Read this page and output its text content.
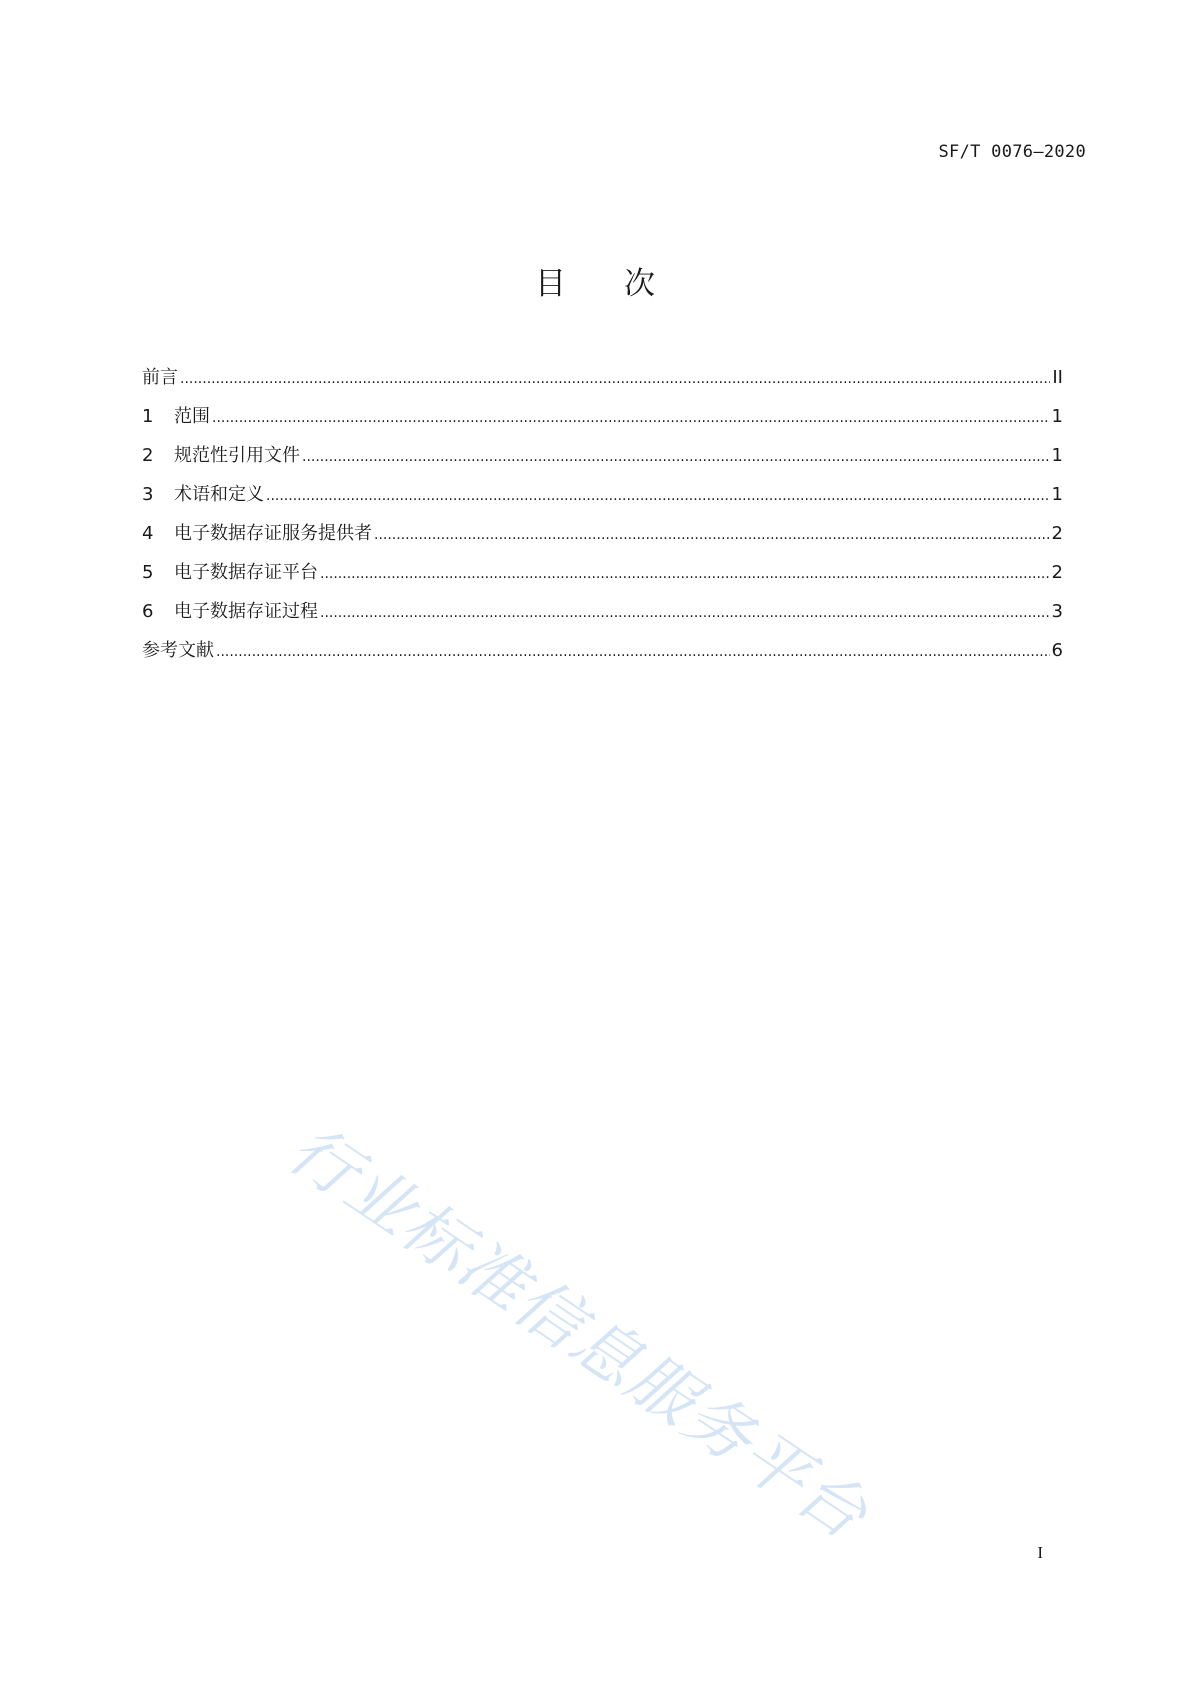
SF/T 0076—2020
目次
前言 .....	II
1	范围 .....	1
2	规范性引用文件 .....	1
3	术语和定义 .....	1
4	电子数据存证服务提供者 .....	2
5	电子数据存证平台 .....	2
6	电子数据存证过程 .....	3
参考文献 .....	6
行业标准信息服务平台	I
